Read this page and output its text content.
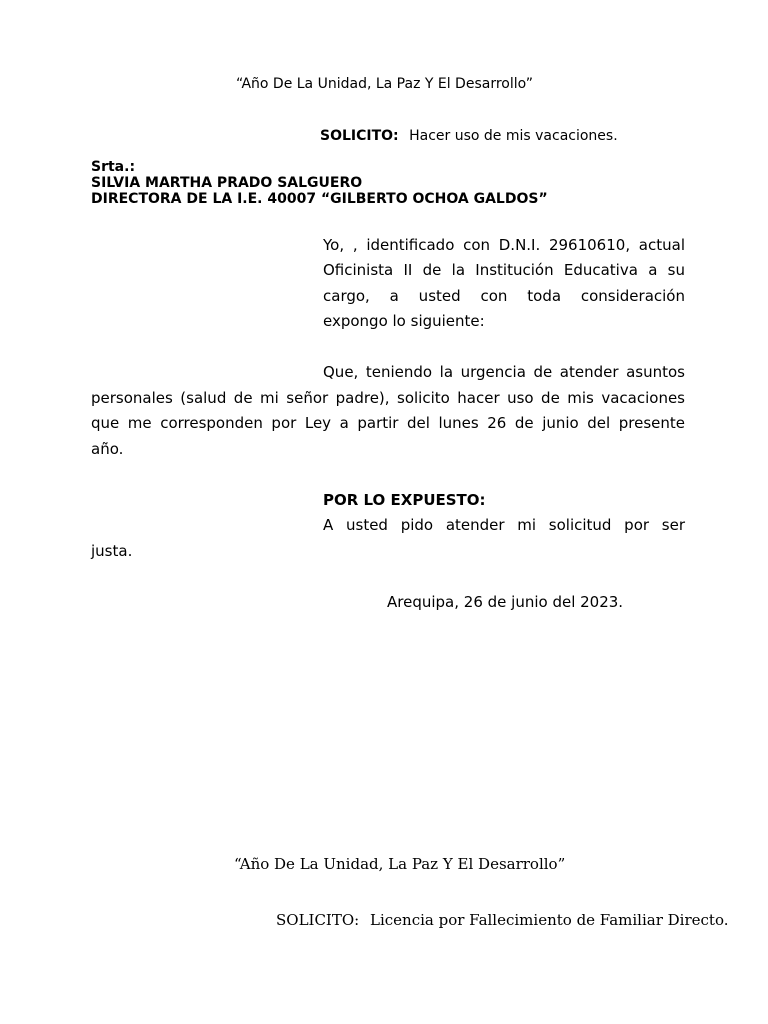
“Año De La Unidad, La Paz Y El Desarrollo”
SOLICITO: Hacer uso de mis vacaciones.
Srta.:
SILVIA MARTHA PRADO SALGUERO
DIRECTORA DE LA I.E. 40007 “GILBERTO OCHOA GALDOS”
Yo, , identificado con D.N.I. 29610610, actual
Oficinista II de la Institución Educativa a su
cargo, a usted con toda consideración
expongo lo siguiente:
Que, teniendo la urgencia de atender asuntos
personales (salud de mi señor padre), solicito hacer uso de mis vacaciones
que me corresponden por Ley a partir del lunes 26 de junio del presente
año.
POR LO EXPUESTO:
A usted pido atender mi solicitud por ser
justa.
Arequipa, 26 de junio del 2023.
“Año De La Unidad, La Paz Y El Desarrollo”
SOLICITO: Licencia por Fallecimiento de Familiar Directo.
